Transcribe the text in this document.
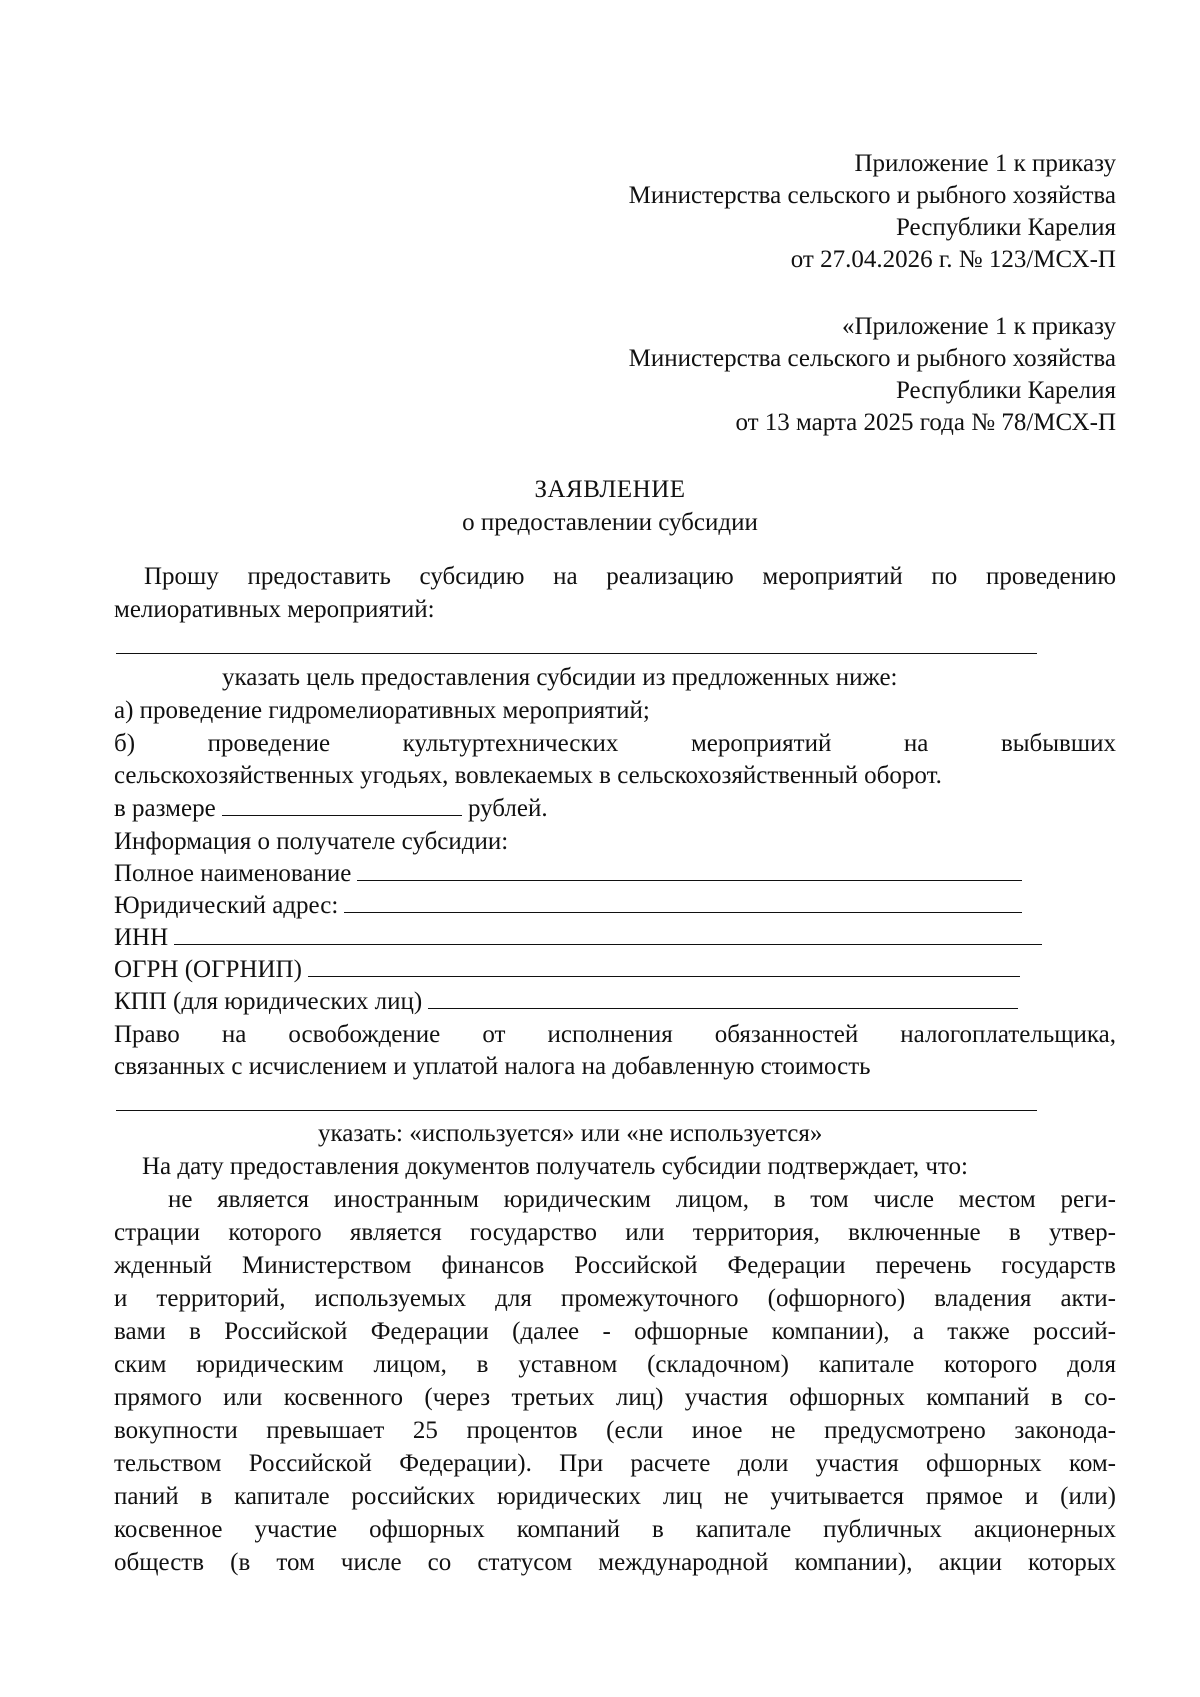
Приложение 1 к приказу
Министерства сельского и рыбного хозяйства
Республики Карелия
от 27.04.2026 г. № 123/МСХ-П
«Приложение 1 к приказу
Министерства сельского и рыбного хозяйства
Республики Карелия
от 13 марта 2025 года № 78/МСХ-П
ЗАЯВЛЕНИЕ
о предоставлении субсидии
Прошу предоставить субсидию на реализацию мероприятий по проведению
мелиоративных мероприятий:
указать цель предоставления субсидии из предложенных ниже:
а) проведение гидромелиоративных мероприятий;
б) проведение культуртехнических мероприятий на выбывших
сельскохозяйственных угодьях, вовлекаемых в сельскохозяйственный оборот.
в размере	рублей.
Информация о получателе субсидии:
Полное наименование
Юридический адрес:
ИНН
ОГРН (ОГРНИП)
КПП (для юридических лиц)
Право на освобождение от исполнения обязанностей налогоплательщика,
связанных с исчислением и уплатой налога на добавленную стоимость
указать: «используется» или «не используется»
На дату предоставления документов получатель субсидии подтверждает, что:
не является иностранным юридическим лицом, в том числе местом реги-
страции которого является государство или территория, включенные в утвер-
жденный Министерством финансов Российской Федерации перечень государств
и территорий, используемых для промежуточного (офшорного) владения акти-
вами в Российской Федерации (далее - офшорные компании), а также россий-
ским юридическим лицом, в уставном (складочном) капитале которого доля
прямого или косвенного (через третьих лиц) участия офшорных компаний в со-
вокупности превышает 25 процентов (если иное не предусмотрено законода-
тельством Российской Федерации). При расчете доли участия офшорных ком-
паний в капитале российских юридических лиц не учитывается прямое и (или)
косвенное участие офшорных компаний в капитале публичных акционерных
обществ (в том числе со статусом международной компании), акции которых
